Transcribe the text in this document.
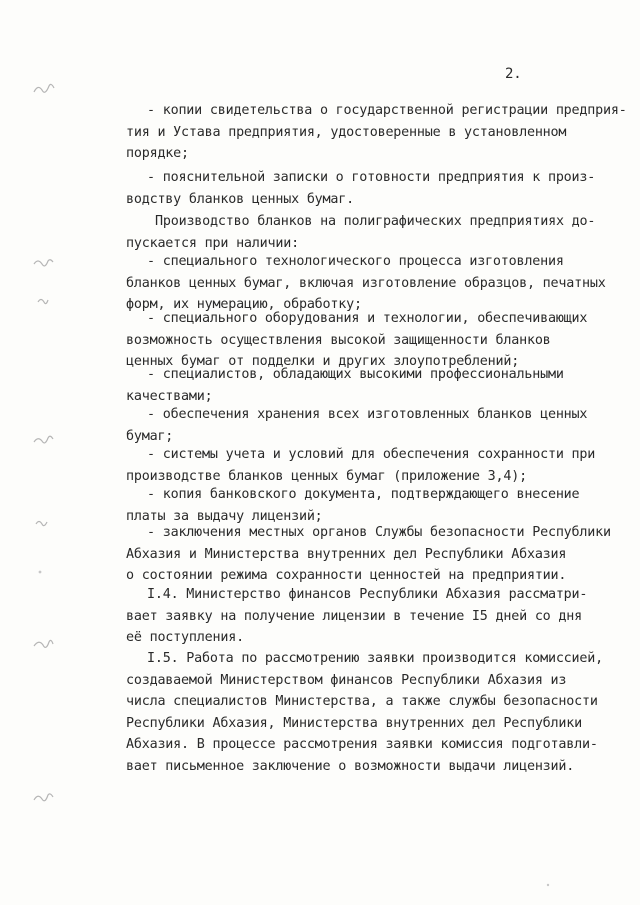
2.
- копии свидетельства о государственной регистрации предприя-
тия и Устава предприятия, удостоверенные в установленном
порядке;
- пояснительной записки о готовности предприятия к произ-
водству бланков ценных бумаг.
Производство бланков на полиграфических предприятиях до-
пускается при наличии:
- специального технологического процесса изготовления
бланков ценных бумаг, включая изготовление образцов, печатных
форм, их нумерацию, обработку;
- специального оборудования и технологии, обеспечивающих
возможность осуществления высокой защищенности бланков
ценных бумаг от подделки и других злоупотреблений;
- специалистов, обладающих высокими профессиональными
качествами;
- обеспечения хранения всех изготовленных бланков ценных
бумаг;
- системы учета и условий для обеспечения сохранности при
производстве бланков ценных бумаг (приложение 3,4);
- копия банковского документа, подтверждающего внесение
платы за выдачу лицензий;
- заключения местных органов Службы безопасности Республики
Абхазия и Министерства внутренних дел Республики Абхазия
о состоянии режима сохранности ценностей на предприятии.
I.4. Министерство финансов Республики Абхазия рассматри-
вает заявку на получение лицензии в течение I5 дней со дня
её поступления.
I.5. Работа по рассмотрению заявки производится комиссией,
создаваемой Министерством финансов Республики Абхазия из
числа специалистов Министерства, а также службы безопасности
Республики Абхазия, Министерства внутренних дел Республики
Абхазия. В процессе рассмотрения заявки комиссия подготавли-
вает письменное заключение о возможности выдачи лицензий.
